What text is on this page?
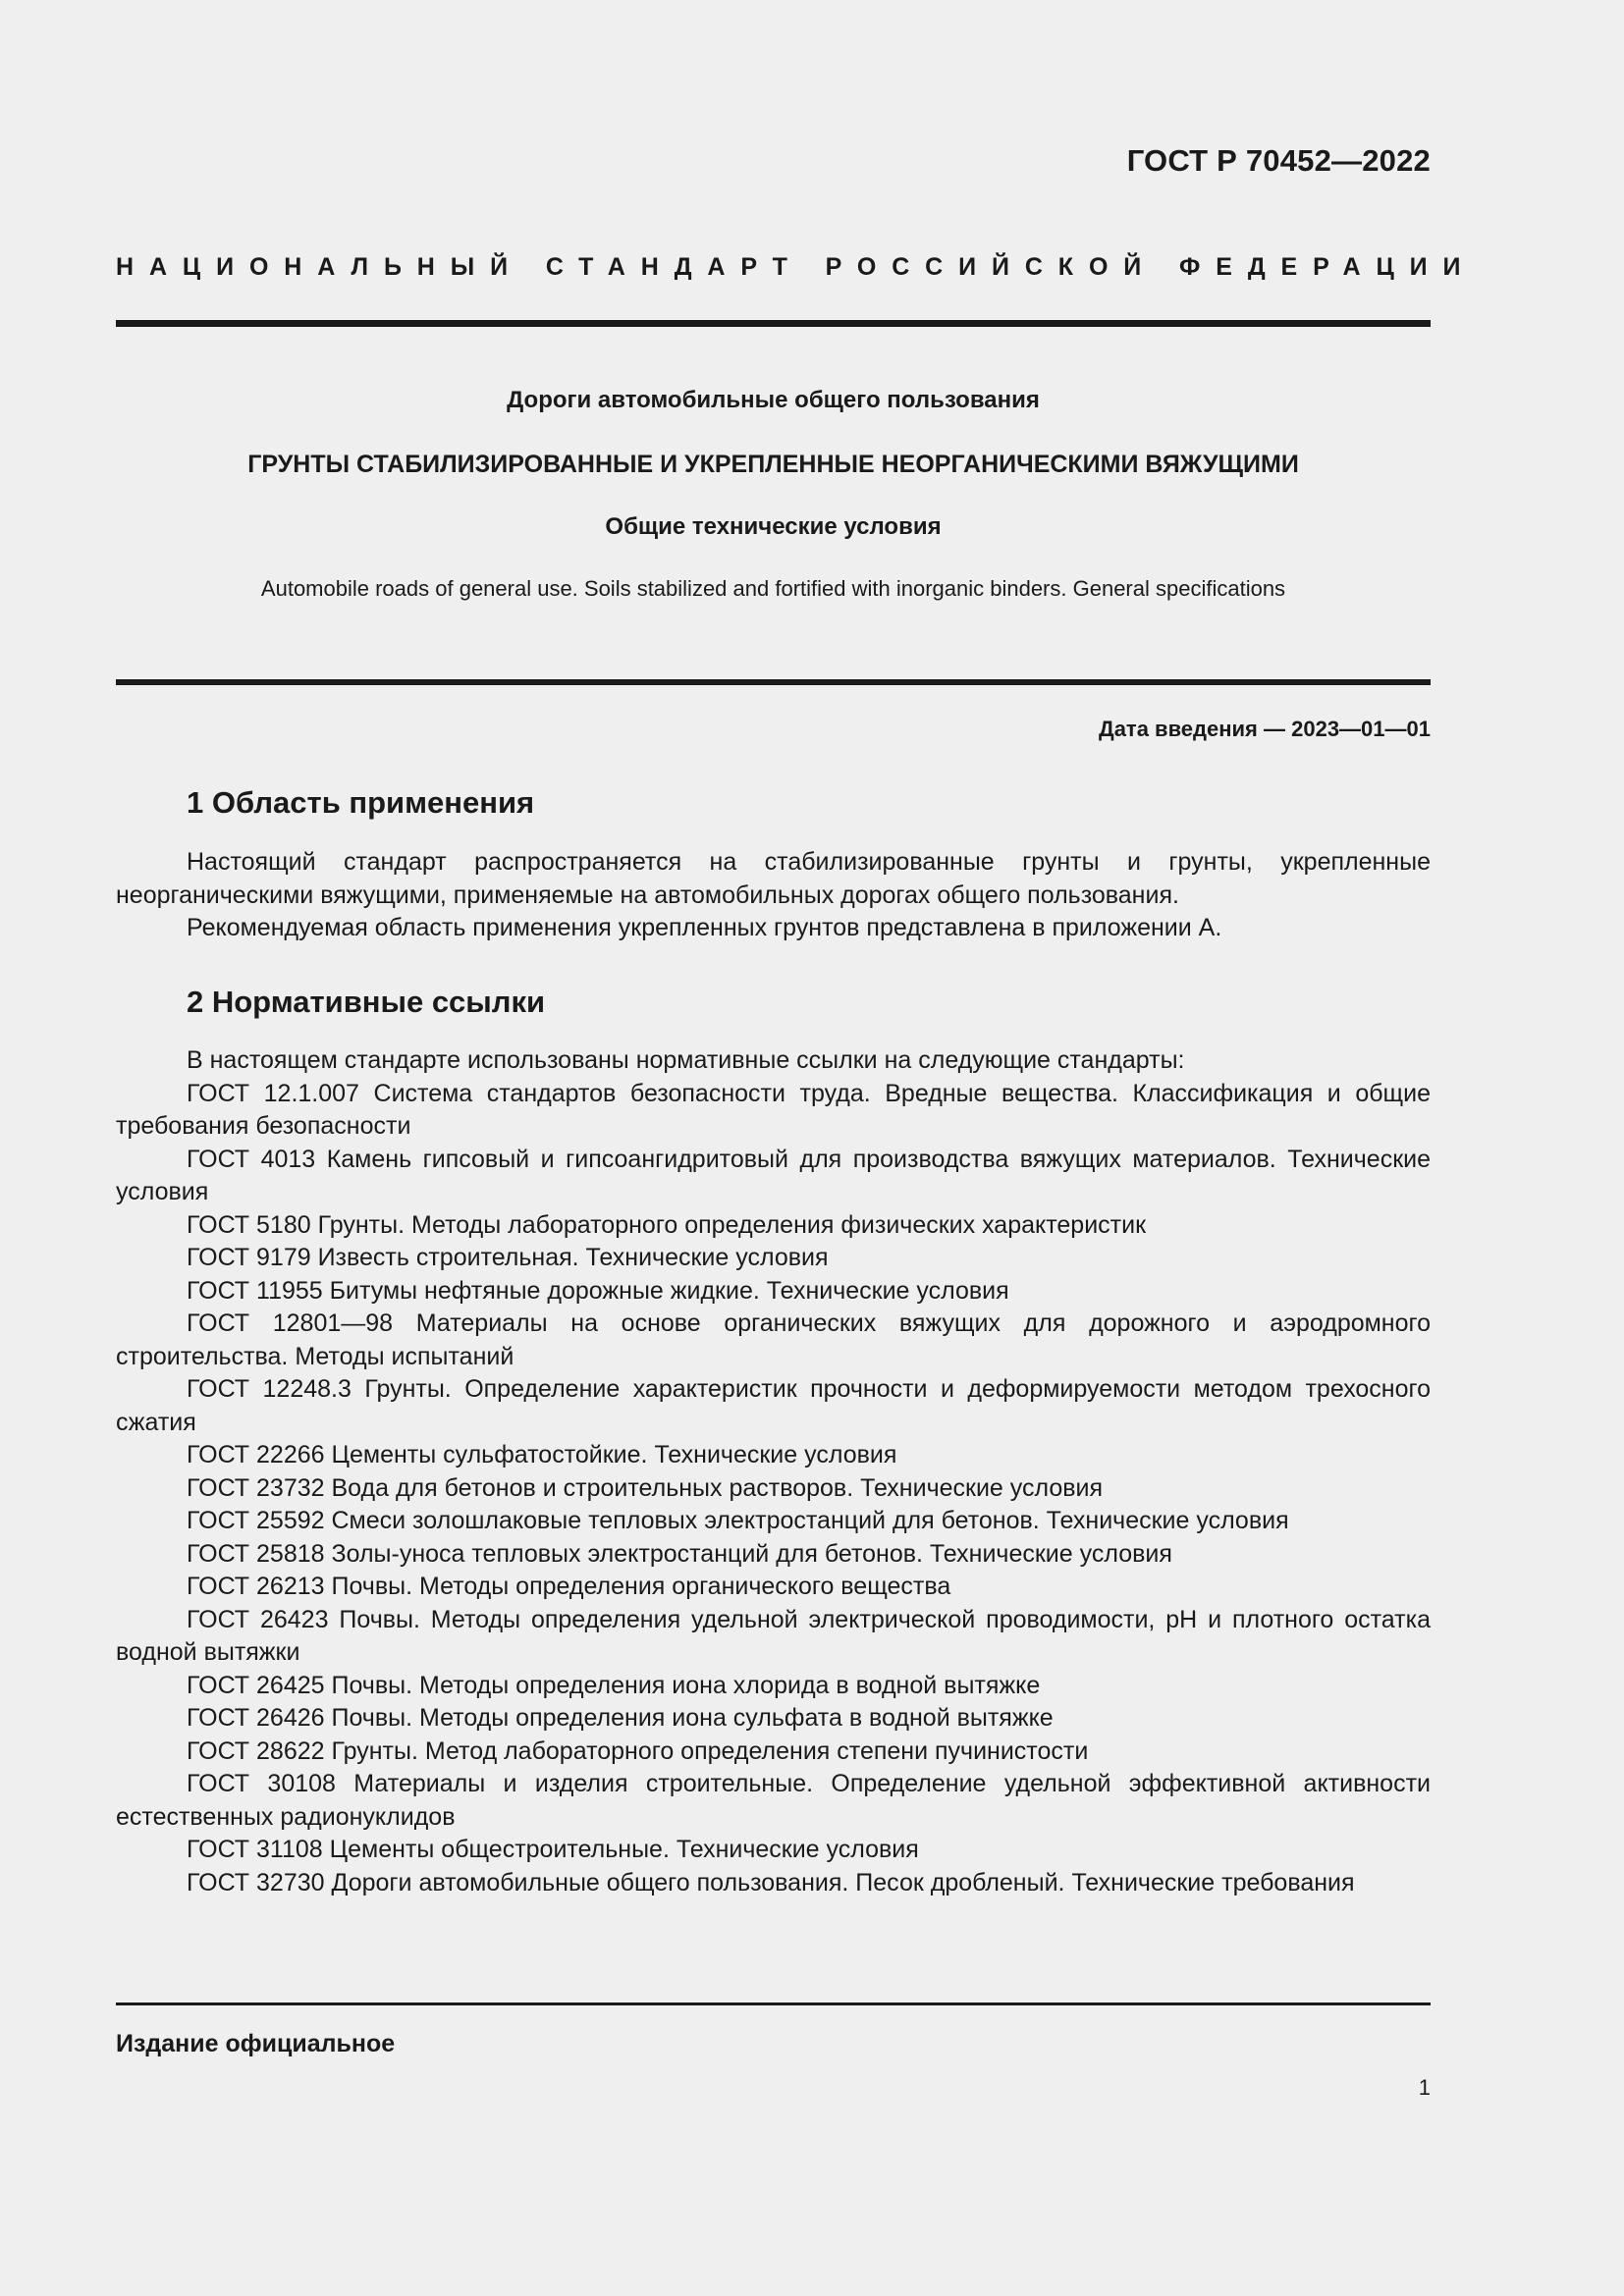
ГОСТ Р 70452—2022
НАЦИОНАЛЬНЫЙ СТАНДАРТ РОССИЙСКОЙ ФЕДЕРАЦИИ
Дороги автомобильные общего пользования
ГРУНТЫ СТАБИЛИЗИРОВАННЫЕ И УКРЕПЛЕННЫЕ НЕОРГАНИЧЕСКИМИ ВЯЖУЩИМИ
Общие технические условия
Automobile roads of general use. Soils stabilized and fortified with inorganic binders. General specifications
Дата введения — 2023—01—01
1 Область применения

Настоящий стандарт распространяется на стабилизированные грунты и грунты, укрепленные неорганическими вяжущими, применяемые на автомобильных дорогах общего пользования.

Рекомендуемая область применения укрепленных грунтов представлена в приложении А.

2 Нормативные ссылки

В настоящем стандарте использованы нормативные ссылки на следующие стандарты:

ГОСТ 12.1.007 Система стандартов безопасности труда. Вредные вещества. Классификация и общие требования безопасности

ГОСТ 4013 Камень гипсовый и гипсоангидритовый для производства вяжущих материалов. Технические условия

ГОСТ 5180 Грунты. Методы лабораторного определения физических характеристик

ГОСТ 9179 Известь строительная. Технические условия

ГОСТ 11955 Битумы нефтяные дорожные жидкие. Технические условия

ГОСТ 12801—98 Материалы на основе органических вяжущих для дорожного и аэродромного строительства. Методы испытаний

ГОСТ 12248.3 Грунты. Определение характеристик прочности и деформируемости методом трехосного сжатия

ГОСТ 22266 Цементы сульфатостойкие. Технические условия

ГОСТ 23732 Вода для бетонов и строительных растворов. Технические условия

ГОСТ 25592 Смеси золошлаковые тепловых электростанций для бетонов. Технические условия

ГОСТ 25818 Золы-уноса тепловых электростанций для бетонов. Технические условия

ГОСТ 26213 Почвы. Методы определения органического вещества

ГОСТ 26423 Почвы. Методы определения удельной электрической проводимости, pH и плотного остатка водной вытяжки

ГОСТ 26425 Почвы. Методы определения иона хлорида в водной вытяжке

ГОСТ 26426 Почвы. Методы определения иона сульфата в водной вытяжке

ГОСТ 28622 Грунты. Метод лабораторного определения степени пучинистости

ГОСТ 30108 Материалы и изделия строительные. Определение удельной эффективной активности естественных радионуклидов

ГОСТ 31108 Цементы общестроительные. Технические условия

ГОСТ 32730 Дороги автомобильные общего пользования. Песок дробленый. Технические требования

Издание официальное
1
